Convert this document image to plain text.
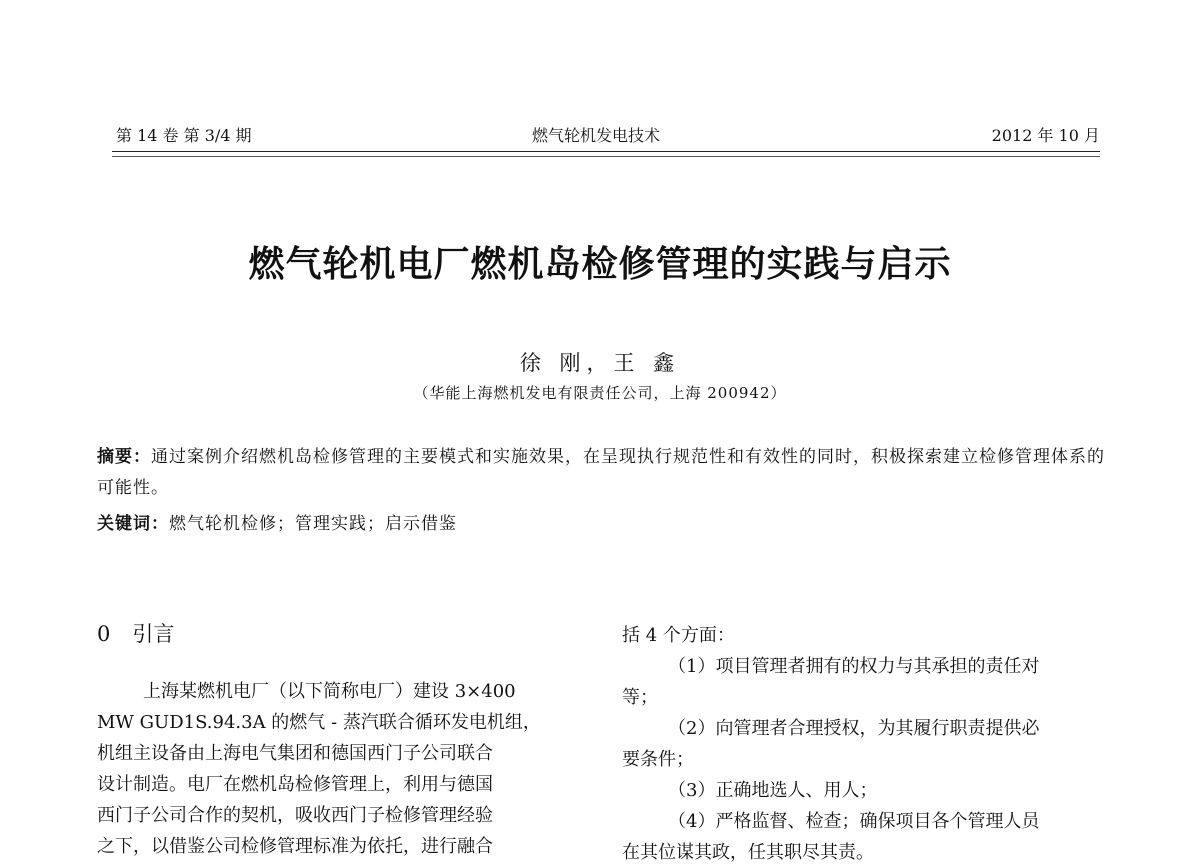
第 14 卷 第 3/4 期	燃气轮机发电技术	2012 年 10 月
燃气轮机电厂燃机岛检修管理的实践与启示
徐 刚，王 鑫
（华能上海燃机发电有限责任公司，上海 200942）
摘要：通过案例介绍燃机岛检修管理的主要模式和实施效果，在呈现执行规范性和有效性的同时，积极探索建立检修管理体系的可能性。
关键词：燃气轮机检修；管理实践；启示借鉴
0 引言

上海某燃机电厂（以下简称电厂）建设 3×400
MW GUD1S.94.3A 的燃气 - 蒸汽联合循环发电机组，
机组主设备由上海电气集团和德国西门子公司联合
设计制造。电厂在燃机岛检修管理上，利用与德国
西门子公司合作的契机，吸收西门子检修管理经验
之下，以借鉴公司检修管理标准为依托，进行融合

括 4 个方面：
（1）项目管理者拥有的权力与其承担的责任对
等；
（2）向管理者合理授权，为其履行职责提供必
要条件；
（3）正确地选人、用人；
（4）严格监督、检查；确保项目各个管理人员
在其位谋其政，任其职尽其责。
